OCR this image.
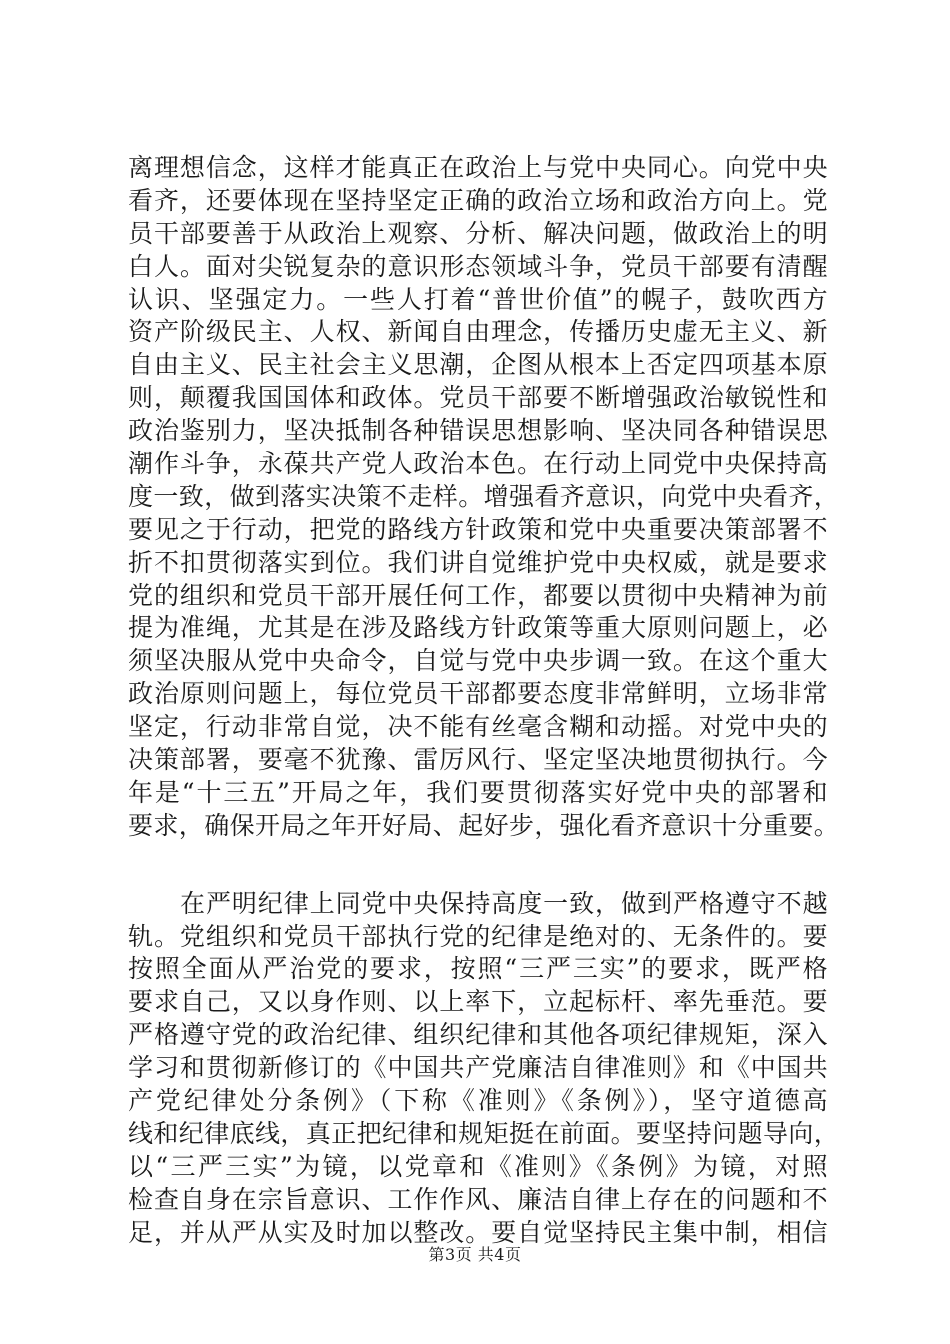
离理想信念，这样才能真正在政治上与党中央同心。向党中央
看齐，还要体现在坚持坚定正确的政治立场和政治方向上。党
员干部要善于从政治上观察、分析、解决问题，做政治上的明
白人。面对尖锐复杂的意识形态领域斗争，党员干部要有清醒
认识、坚强定力。一些人打着“普世价值”的幌子，鼓吹西方
资产阶级民主、人权、新闻自由理念，传播历史虚无主义、新
自由主义、民主社会主义思潮，企图从根本上否定四项基本原
则，颠覆我国国体和政体。党员干部要不断增强政治敏锐性和
政治鉴别力，坚决抵制各种错误思想影响、坚决同各种错误思
潮作斗争，永葆共产党人政治本色。在行动上同党中央保持高
度一致，做到落实决策不走样。增强看齐意识，向党中央看齐，
要见之于行动，把党的路线方针政策和党中央重要决策部署不
折不扣贯彻落实到位。我们讲自觉维护党中央权威，就是要求
党的组织和党员干部开展任何工作，都要以贯彻中央精神为前
提为准绳，尤其是在涉及路线方针政策等重大原则问题上，必
须坚决服从党中央命令，自觉与党中央步调一致。在这个重大
政治原则问题上，每位党员干部都要态度非常鲜明，立场非常
坚定，行动非常自觉，决不能有丝毫含糊和动摇。对党中央的
决策部署，要毫不犹豫、雷厉风行、坚定坚决地贯彻执行。今
年是“十三五”开局之年，我们要贯彻落实好党中央的部署和
要求，确保开局之年开好局、起好步，强化看齐意识十分重要。
在严明纪律上同党中央保持高度一致，做到严格遵守不越
轨。党组织和党员干部执行党的纪律是绝对的、无条件的。要
按照全面从严治党的要求，按照“三严三实”的要求，既严格
要求自己，又以身作则、以上率下，立起标杆、率先垂范。要
严格遵守党的政治纪律、组织纪律和其他各项纪律规矩，深入
学习和贯彻新修订的《中国共产党廉洁自律准则》和《中国共
产党纪律处分条例》（下称《准则》《条例》），坚守道德高
线和纪律底线，真正把纪律和规矩挺在前面。要坚持问题导向，
以“三严三实”为镜，以党章和《准则》《条例》为镜，对照
检查自身在宗旨意识、工作作风、廉洁自律上存在的问题和不
足，并从严从实及时加以整改。要自觉坚持民主集中制，相信
第3页 共4页
